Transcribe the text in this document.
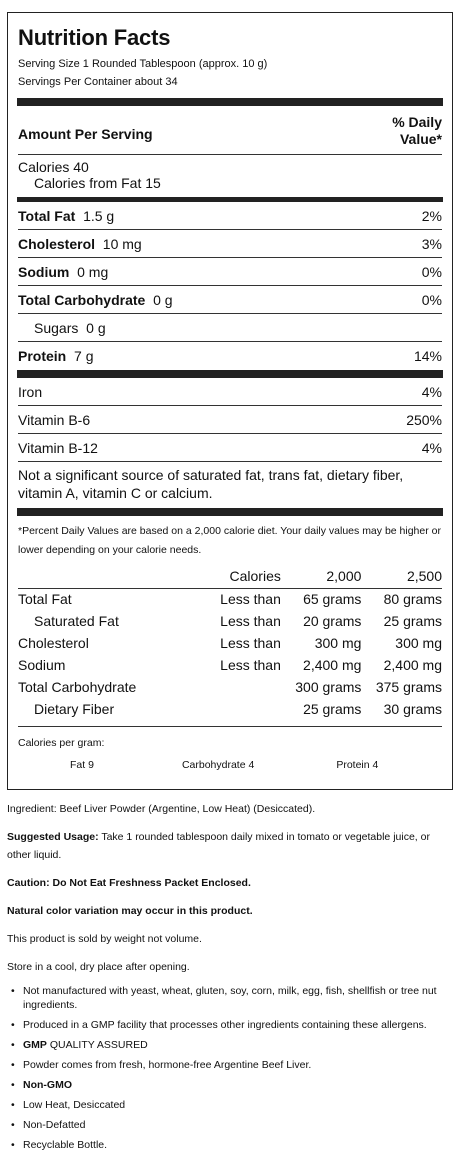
Nutrition Facts
Serving Size 1 Rounded Tablespoon (approx. 10 g)
Servings Per Container about 34
Amount Per Serving
% Daily
Value*
Calories 40
Calories from Fat 15
Total Fat 1.5 g	2%
Cholesterol 10 mg	3%
Sodium 0 mg	0%
Total Carbohydrate 0 g	0%
Sugars 0 g
Protein 7 g	14%
Iron	4%
Vitamin B-6	250%
Vitamin B-12	4%
Not a significant source of saturated fat, trans fat, dietary fiber, vitamin A, vitamin C or calcium.
*Percent Daily Values are based on a 2,000 calorie diet. Your daily values may be higher or lower depending on your calorie needs.
	Calories	2,000	2,500
Total Fat	Less than	65 grams	80 grams
Saturated Fat	Less than	20 grams	25 grams
Cholesterol	Less than	300 mg	300 mg
Sodium	Less than	2,400 mg	2,400 mg
Total Carbohydrate		300 grams	375 grams
Dietary Fiber		25 grams	30 grams
Calories per gram:
Fat 9	Carbohydrate 4	Protein 4

Ingredient: Beef Liver Powder (Argentine, Low Heat) (Desiccated).

Suggested Usage: Take 1 rounded tablespoon daily mixed in tomato or vegetable juice, or other liquid.

Caution: Do Not Eat Freshness Packet Enclosed.

Natural color variation may occur in this product.

This product is sold by weight not volume.

Store in a cool, dry place after opening.

• Not manufactured with yeast, wheat, gluten, soy, corn, milk, egg, fish, shellfish or tree nut ingredients.
• Produced in a GMP facility that processes other ingredients containing these allergens.
• GMP QUALITY ASSURED
• Powder comes from fresh, hormone-free Argentine Beef Liver.
• Non-GMO
• Low Heat, Desiccated
• Non-Defatted
• Recyclable Bottle.
